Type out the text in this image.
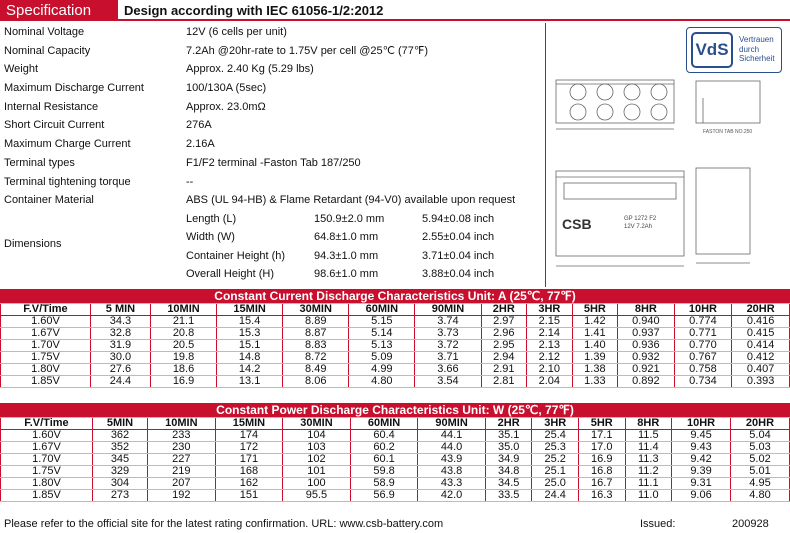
Specification	Design according with IEC 61056-1/2:2012
Nominal Voltage	12V (6 cells per unit)
Nominal Capacity	7.2Ah @20hr-rate to 1.75V per cell @25℃ (77℉)
Weight	Approx. 2.40 Kg (5.29 lbs)
Maximum Discharge Current	100/130A (5sec)
Internal Resistance	Approx. 23.0mΩ
Short Circuit Current	276A
Maximum Charge Current	2.16A
Terminal types	F1/F2 terminal -Faston Tab 187/250
Terminal tightening torque	--
Container Material	ABS (UL 94-HB) & Flame Retardant (94-V0) available upon request
Dimensions
Length (L)	150.9±2.0 mm	5.94±0.08 inch
Width (W)	64.8±1.0 mm	2.55±0.04 inch
Container Height (h)	94.3±1.0 mm	3.71±0.04 inch
Overall Height (H)	98.6±1.0 mm	3.88±0.04 inch
VdS
Vertrauen durch Sicherheit
FASTON TAB NO.250
CSB	GP 1272 F2
12V 7.2Ah
Constant Current Discharge Characteristics Unit: A (25℃, 77℉)												
F.V/Time	5 MIN	10MIN	15MIN	30MIN	60MIN	90MIN	2HR	3HR	5HR	8HR	10HR	20HR
1.60V	34.3	21.1	15.4	8.89	5.15	3.74	2.97	2.15	1.42	0.940	0.774	0.416
1.67V	32.8	20.8	15.3	8.87	5.14	3.73	2.96	2.14	1.41	0.937	0.771	0.415
1.70V	31.9	20.5	15.1	8.83	5.13	3.72	2.95	2.13	1.40	0.936	0.770	0.414
1.75V	30.0	19.8	14.8	8.72	5.09	3.71	2.94	2.12	1.39	0.932	0.767	0.412
1.80V	27.6	18.6	14.2	8.49	4.99	3.66	2.91	2.10	1.38	0.921	0.758	0.407
1.85V	24.4	16.9	13.1	8.06	4.80	3.54	2.81	2.04	1.33	0.892	0.734	0.393
Constant Power Discharge Characteristics Unit: W (25℃, 77℉)												
F.V/Time	5MIN	10MIN	15MIN	30MIN	60MIN	90MIN	2HR	3HR	5HR	8HR	10HR	20HR
1.60V	362	233	174	104	60.4	44.1	35.1	25.4	17.1	11.5	9.45	5.04
1.67V	352	230	172	103	60.2	44.0	35.0	25.3	17.0	11.4	9.43	5.03
1.70V	345	227	171	102	60.1	43.9	34.9	25.2	16.9	11.3	9.42	5.02
1.75V	329	219	168	101	59.8	43.8	34.8	25.1	16.8	11.2	9.39	5.01
1.80V	304	207	162	100	58.9	43.3	34.5	25.0	16.7	11.1	9.31	4.95
1.85V	273	192	151	95.5	56.9	42.0	33.5	24.4	16.3	11.0	9.06	4.80
Please refer to the official site for the latest rating confirmation. URL: www.csb-battery.com	Issued:	200928
